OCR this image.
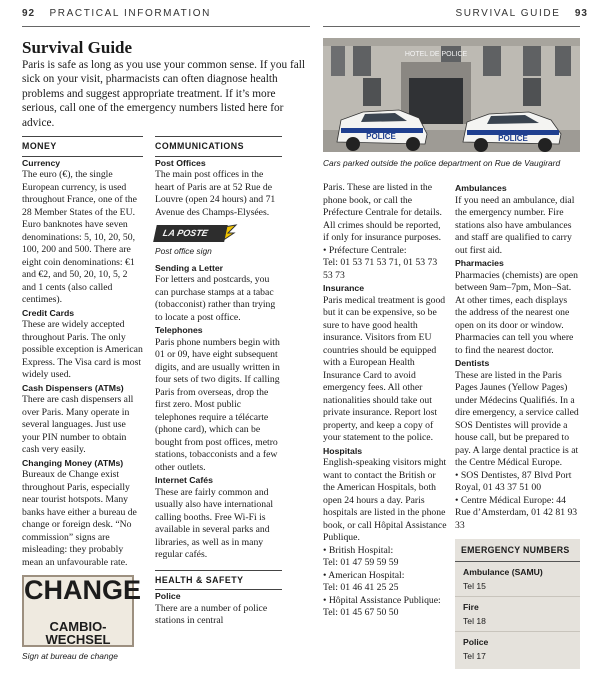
92 PRACTICAL INFORMATION	SURVIVAL GUIDE 93
Survival Guide

Paris is safe as long as you use your common sense. If you fall sick on your visit, pharmacists can often diagnose health problems and suggest appropriate treatment. If it’s more serious, call one of the emergency numbers listed here for advice.

MONEY
Currency

The euro (€), the single European currency, is used throughout France, one of the 28 Member States of the EU. Euro banknotes have seven denominations: 5, 10, 20, 50, 100, 200 and 500. There are eight coin denominations: €1 and €2, and 50, 20, 10, 5, 2 and 1 cents (also called centimes).

Credit Cards

These are widely accepted throughout Paris. The only possible exception is American Express. The Visa card is most widely used.

Cash Dispensers (ATMs)

There are cash dispensers all over Paris. Many operate in several languages. Just use your PIN number to obtain cash very easily.

Changing Money (ATMs)

Bureaux de Change exist throughout Paris, especially near tourist hotspots. Many banks have either a bureau de change or foreign desk. “No commission” signs are misleading: they probably mean an unfavourable rate.

CHANGE
CAMBIO-WECHSEL
Sign at bureau de change
COMMUNICATIONS
Post Offices

The main post offices in the heart of Paris are at 52 Rue de Louvre (open 24 hours) and 71 Avenue des Champs-Elysées.

LA POSTE
Post office sign
Sending a Letter

For letters and postcards, you can purchase stamps at a tabac (tobacconist) rather than trying to locate a post office.

Telephones

Paris phone numbers begin with 01 or 09, have eight subsequent digits, and are usually written in four sets of two digits. If calling Paris from overseas, drop the first zero. Most public telephones require a télécarte (phone card), which can be bought from post offices, metro stations, tobacconists and a few other outlets.

Internet Cafés

These are fairly common and usually also have international calling booths. Free Wi-Fi is available in several parks and libraries, as well as in many regular cafés.

HEALTH & SAFETY
Police

There are a number of police stations in central

HOTEL DE POLICE
POLICE	POLICE
Cars parked outside the police department on Rue de Vaugirard

Paris. These are listed in the phone book, or call the Préfecture Centrale for details. All crimes should be reported, if only for insurance purposes.

• Préfecture Centrale:

Tel: 01 53 71 53 71, 01 53 73 53 73

Insurance

Paris medical treatment is good but it can be expensive, so be sure to have good health insurance. Visitors from EU countries should be equipped with a European Health Insurance Card to avoid emergency fees. All other nationalities should take out private insurance. Report lost property, and keep a copy of your statement to the police.

Hospitals

English-speaking visitors might want to contact the British or the American Hospitals, both open 24 hours a day. Paris hospitals are listed in the phone book, or call Hôpital Assistance Publique.

• British Hospital:

Tel: 01 47 59 59 59

• American Hospital:

Tel: 01 46 41 25 25

• Hôpital Assistance Publique:

Tel: 01 45 67 50 50

Ambulances

If you need an ambulance, dial the emergency number. Fire stations also have ambulances and staff are qualified to carry out first aid.

Pharmacies

Pharmacies (chemists) are open between 9am–7pm, Mon–Sat. At other times, each displays the address of the nearest one open on its door or window. Pharmacies can tell you where to find the nearest doctor.

Dentists

These are listed in the Paris Pages Jaunes (Yellow Pages) under Médecins Qualifiés. In a dire emergency, a service called SOS Dentistes will provide a house call, but be prepared to pay. A large dental practice is at the Centre Médical Europe.

• SOS Dentistes, 87 Blvd Port Royal, 01 43 37 51 00

• Centre Médical Europe: 44 Rue d’Amsterdam, 01 42 81 93 33

EMERGENCY NUMBERS
Ambulance (SAMU)
Tel 15
Fire
Tel 18
Police
Tel 17
